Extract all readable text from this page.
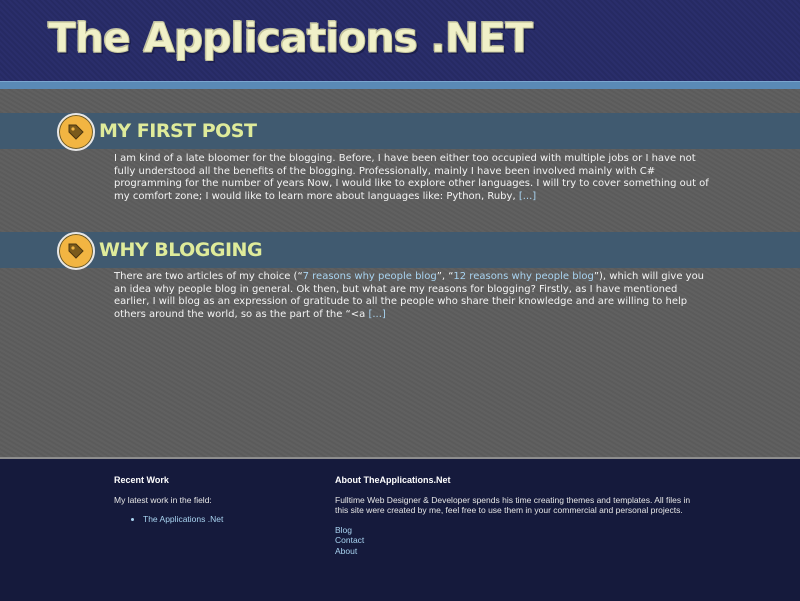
The Applications .NET
MY FIRST POST
I am kind of a late bloomer for the blogging. Before, I have been either too occupied with multiple jobs or I have not fully understood all the benefits of the blogging. Professionally, mainly I have been involved mainly with C# programming for the number of years Now, I would like to explore other languages. I will try to cover something out of my comfort zone; I would like to learn more about languages like: Python, Ruby, [...]
WHY BLOGGING
There are two articles of my choice (“7 reasons why people blog”, “12 reasons why people blog”), which will give you an idea why people blog in general. Ok then, but what are my reasons for blogging? Firstly, as I have mentioned earlier, I will blog as an expression of gratitude to all the people who share their knowledge and are willing to help others around the world, so as the part of the “<a [...]
Recent Work
My latest work in the field:
• The Applications .Net
About TheApplications.Net
Fulltime Web Designer & Developer spends his time creating themes and templates. All files in this site were created by me, feel free to use them in your commercial and personal projects.
Blog
Contact
About
